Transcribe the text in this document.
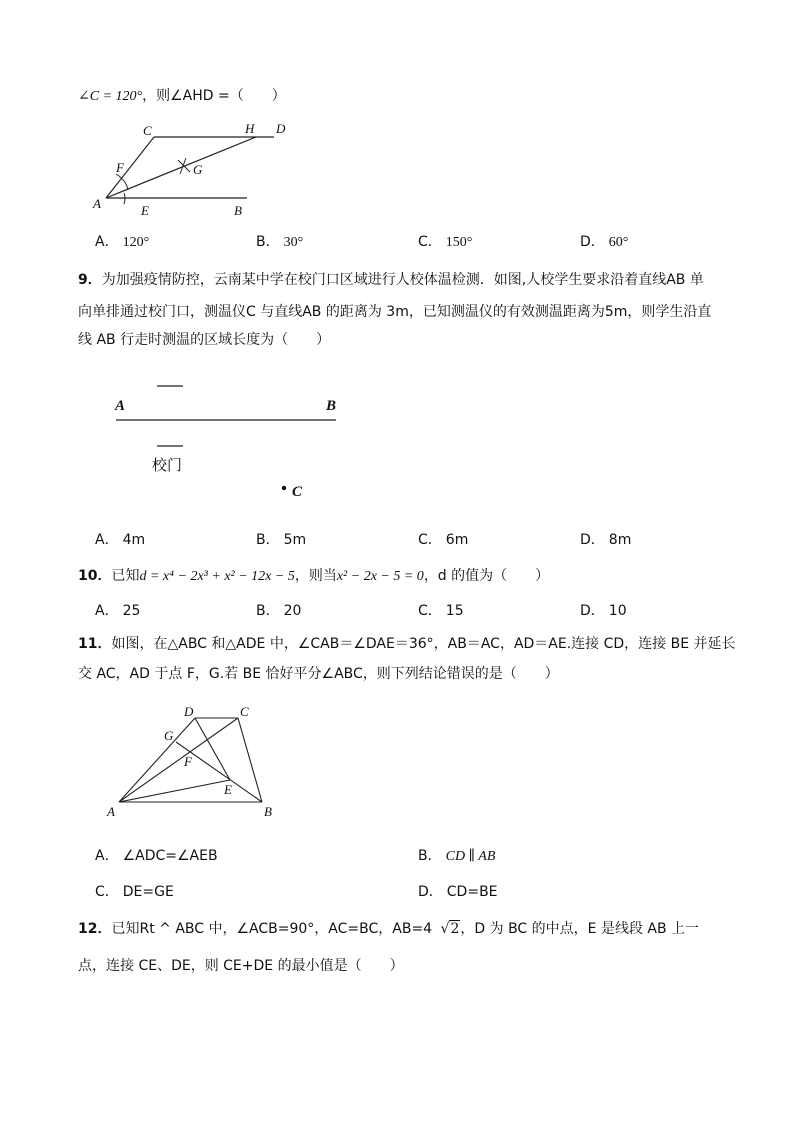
∠C = 120°，则∠AHD =（　　）
C	H D
F	G
A	E	B
A． 120°	B． 30°	C． 150°	D． 60°
9．为加强疫情防控，云南某中学在校门口区域进行人校体温检测．如图,人校学生要求沿着直线AB 单
向单排通过校门口，测温仪C 与直线AB 的距离为 3m，已知测温仪的有效测温距离为5m，则学生沿直
线 AB 行走时测温的区域长度为（　　）
A	B
校门
C
A． 4m	B． 5m	C． 6m	D． 8m
10．已知d = x⁴ − 2x³ + x² − 12x − 5，则当x² − 2x − 5 = 0，d 的值为（　　）
A． 25	B． 20	C． 15	D． 10
11．如图，在△ABC 和△ADE 中，∠CAB＝∠DAE＝36°，AB＝AC，AD＝AE.连接 CD，连接 BE 并延长
交 AC，AD 于点 F，G.若 BE 恰好平分∠ABC，则下列结论错误的是（　　）
D	C
G
F
E
A	B
A． ∠ADC=∠AEB	B． CD ∥ AB
C． DE=GE	D． CD=BE
12．已知Rt ^ ABC 中，∠ACB=90°，AC=BC，AB=4 √2，D 为 BC 的中点，E 是线段 AB 上一
点，连接 CE、DE，则 CE+DE 的最小值是（　　）
